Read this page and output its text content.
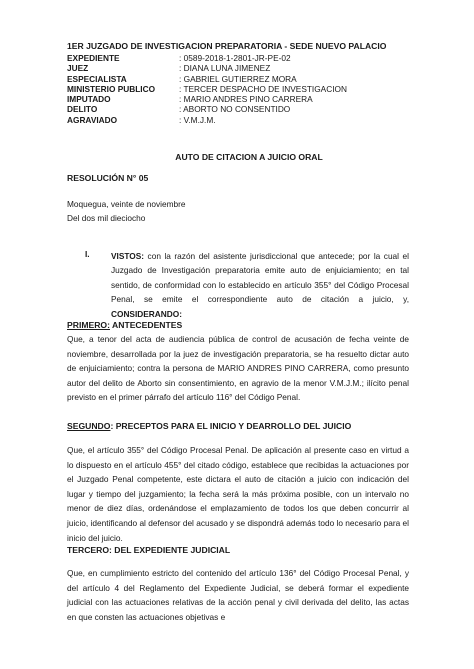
1ER JUZGADO DE INVESTIGACION PREPARATORIA - SEDE NUEVO PALACIO
EXPEDIENTE	: 0589-2018-1-2801-JR-PE-02
JUEZ	: DIANA LUNA JIMENEZ
ESPECIALISTA	: GABRIEL GUTIERREZ MORA
MINISTERIO PUBLICO	: TERCER DESPACHO DE INVESTIGACION
IMPUTADO	: MARIO ANDRES PINO CARRERA
DELITO	: ABORTO NO CONSENTIDO
AGRAVIADO	: V.M.J.M.
AUTO DE CITACION A JUICIO ORAL
RESOLUCIÓN N° 05
Moquegua, veinte de noviembre
Del dos mil dieciocho
I.	VISTOS: con la razón del asistente jurisdiccional que antecede; por la cual el Juzgado de Investigación preparatoria emite auto de enjuiciamiento; en tal sentido, de conformidad con lo establecido en artículo 355° del Código Procesal Penal, se emite el correspondiente auto de citación a juicio, y, CONSIDERANDO:
PRIMERO: ANTECEDENTES
Que, a tenor del acta de audiencia pública de control de acusación de fecha veinte de noviembre, desarrollada por la juez de investigación preparatoria, se ha resuelto dictar auto de enjuiciamiento; contra la persona de MARIO ANDRES PINO CARRERA, como presunto autor del delito de Aborto sin consentimiento, en agravio de la menor V.M.J.M.; ilícito penal previsto en el primer párrafo del artículo 116° del Código Penal.
SEGUNDO: PRECEPTOS PARA EL INICIO Y DEARROLLO DEL JUICIO
Que, el artículo 355° del Código Procesal Penal. De aplicación al presente caso en virtud a lo dispuesto en el artículo 455° del citado código, establece que recibidas la actuaciones por el Juzgado Penal competente, este dictara el auto de citación a juicio con indicación del lugar y tiempo del juzgamiento; la fecha será la más próxima posible, con un intervalo no menor de diez días, ordenándose el emplazamiento de todos los que deben concurrir al juicio, identificando al defensor del acusado y se dispondrá además todo lo necesario para el inicio del juicio.
TERCERO: DEL EXPEDIENTE JUDICIAL
Que, en cumplimiento estricto del contenido del artículo 136° del Código Procesal Penal, y del artículo 4 del Reglamento del Expediente Judicial, se deberá formar el expediente judicial con las actuaciones relativas de la acción penal y civil derivada del delito, las actas en que consten las actuaciones objetivas e
